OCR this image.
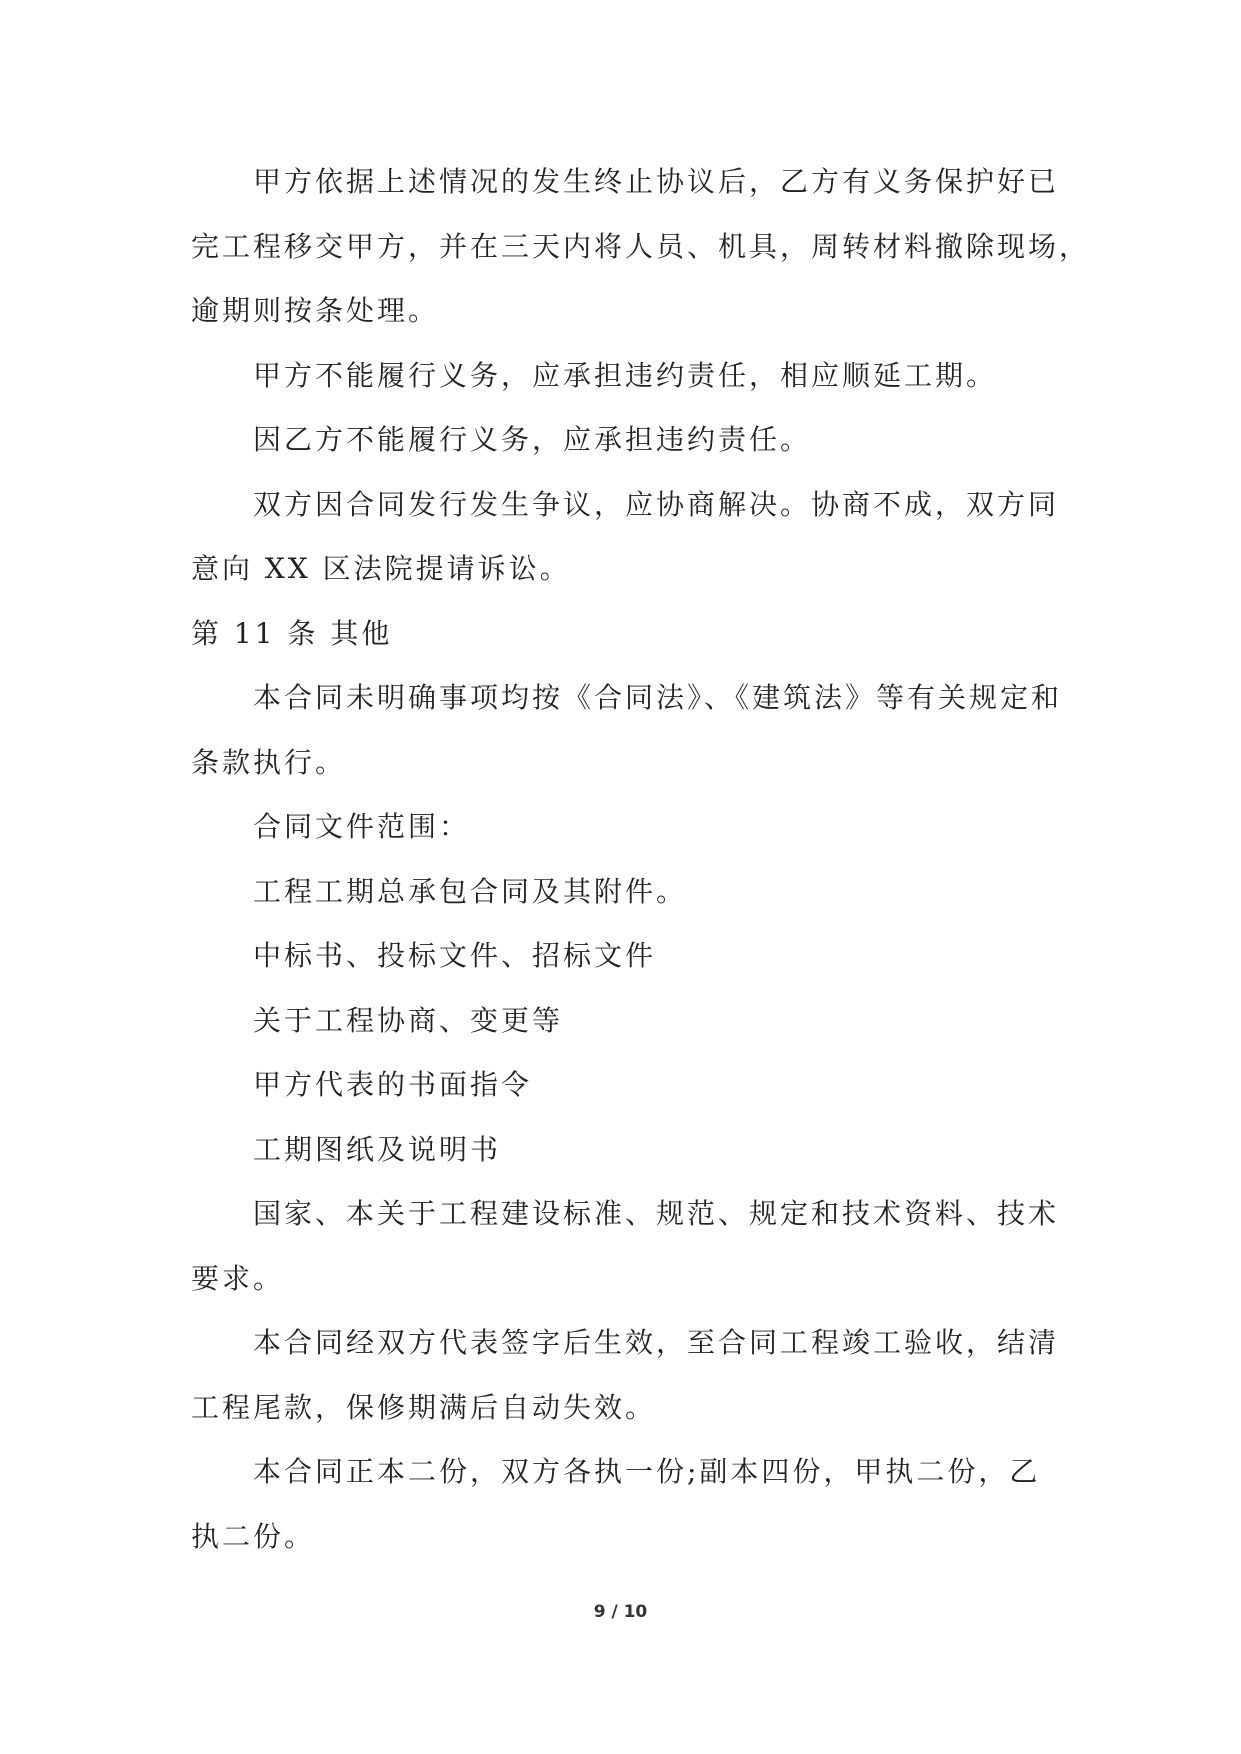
甲方依据上述情况的发生终止协议后，乙方有义务保护好已
完工程移交甲方，并在三天内将人员、机具，周转材料撤除现场，
逾期则按条处理。
甲方不能履行义务，应承担违约责任，相应顺延工期。
因乙方不能履行义务，应承担违约责任。
双方因合同发行发生争议，应协商解决。协商不成，双方同
意向 XX 区法院提请诉讼。
第 11 条 其他
本合同未明确事项均按《合同法》、《建筑法》等有关规定和
条款执行。
合同文件范围：
工程工期总承包合同及其附件。
中标书、投标文件、招标文件
关于工程协商、变更等
甲方代表的书面指令
工期图纸及说明书
国家、本关于工程建设标准、规范、规定和技术资料、技术
要求。
本合同经双方代表签字后生效，至合同工程竣工验收，结清
工程尾款，保修期满后自动失效。
本合同正本二份，双方各执一份;副本四份，甲执二份，乙
执二份。
9 / 10
